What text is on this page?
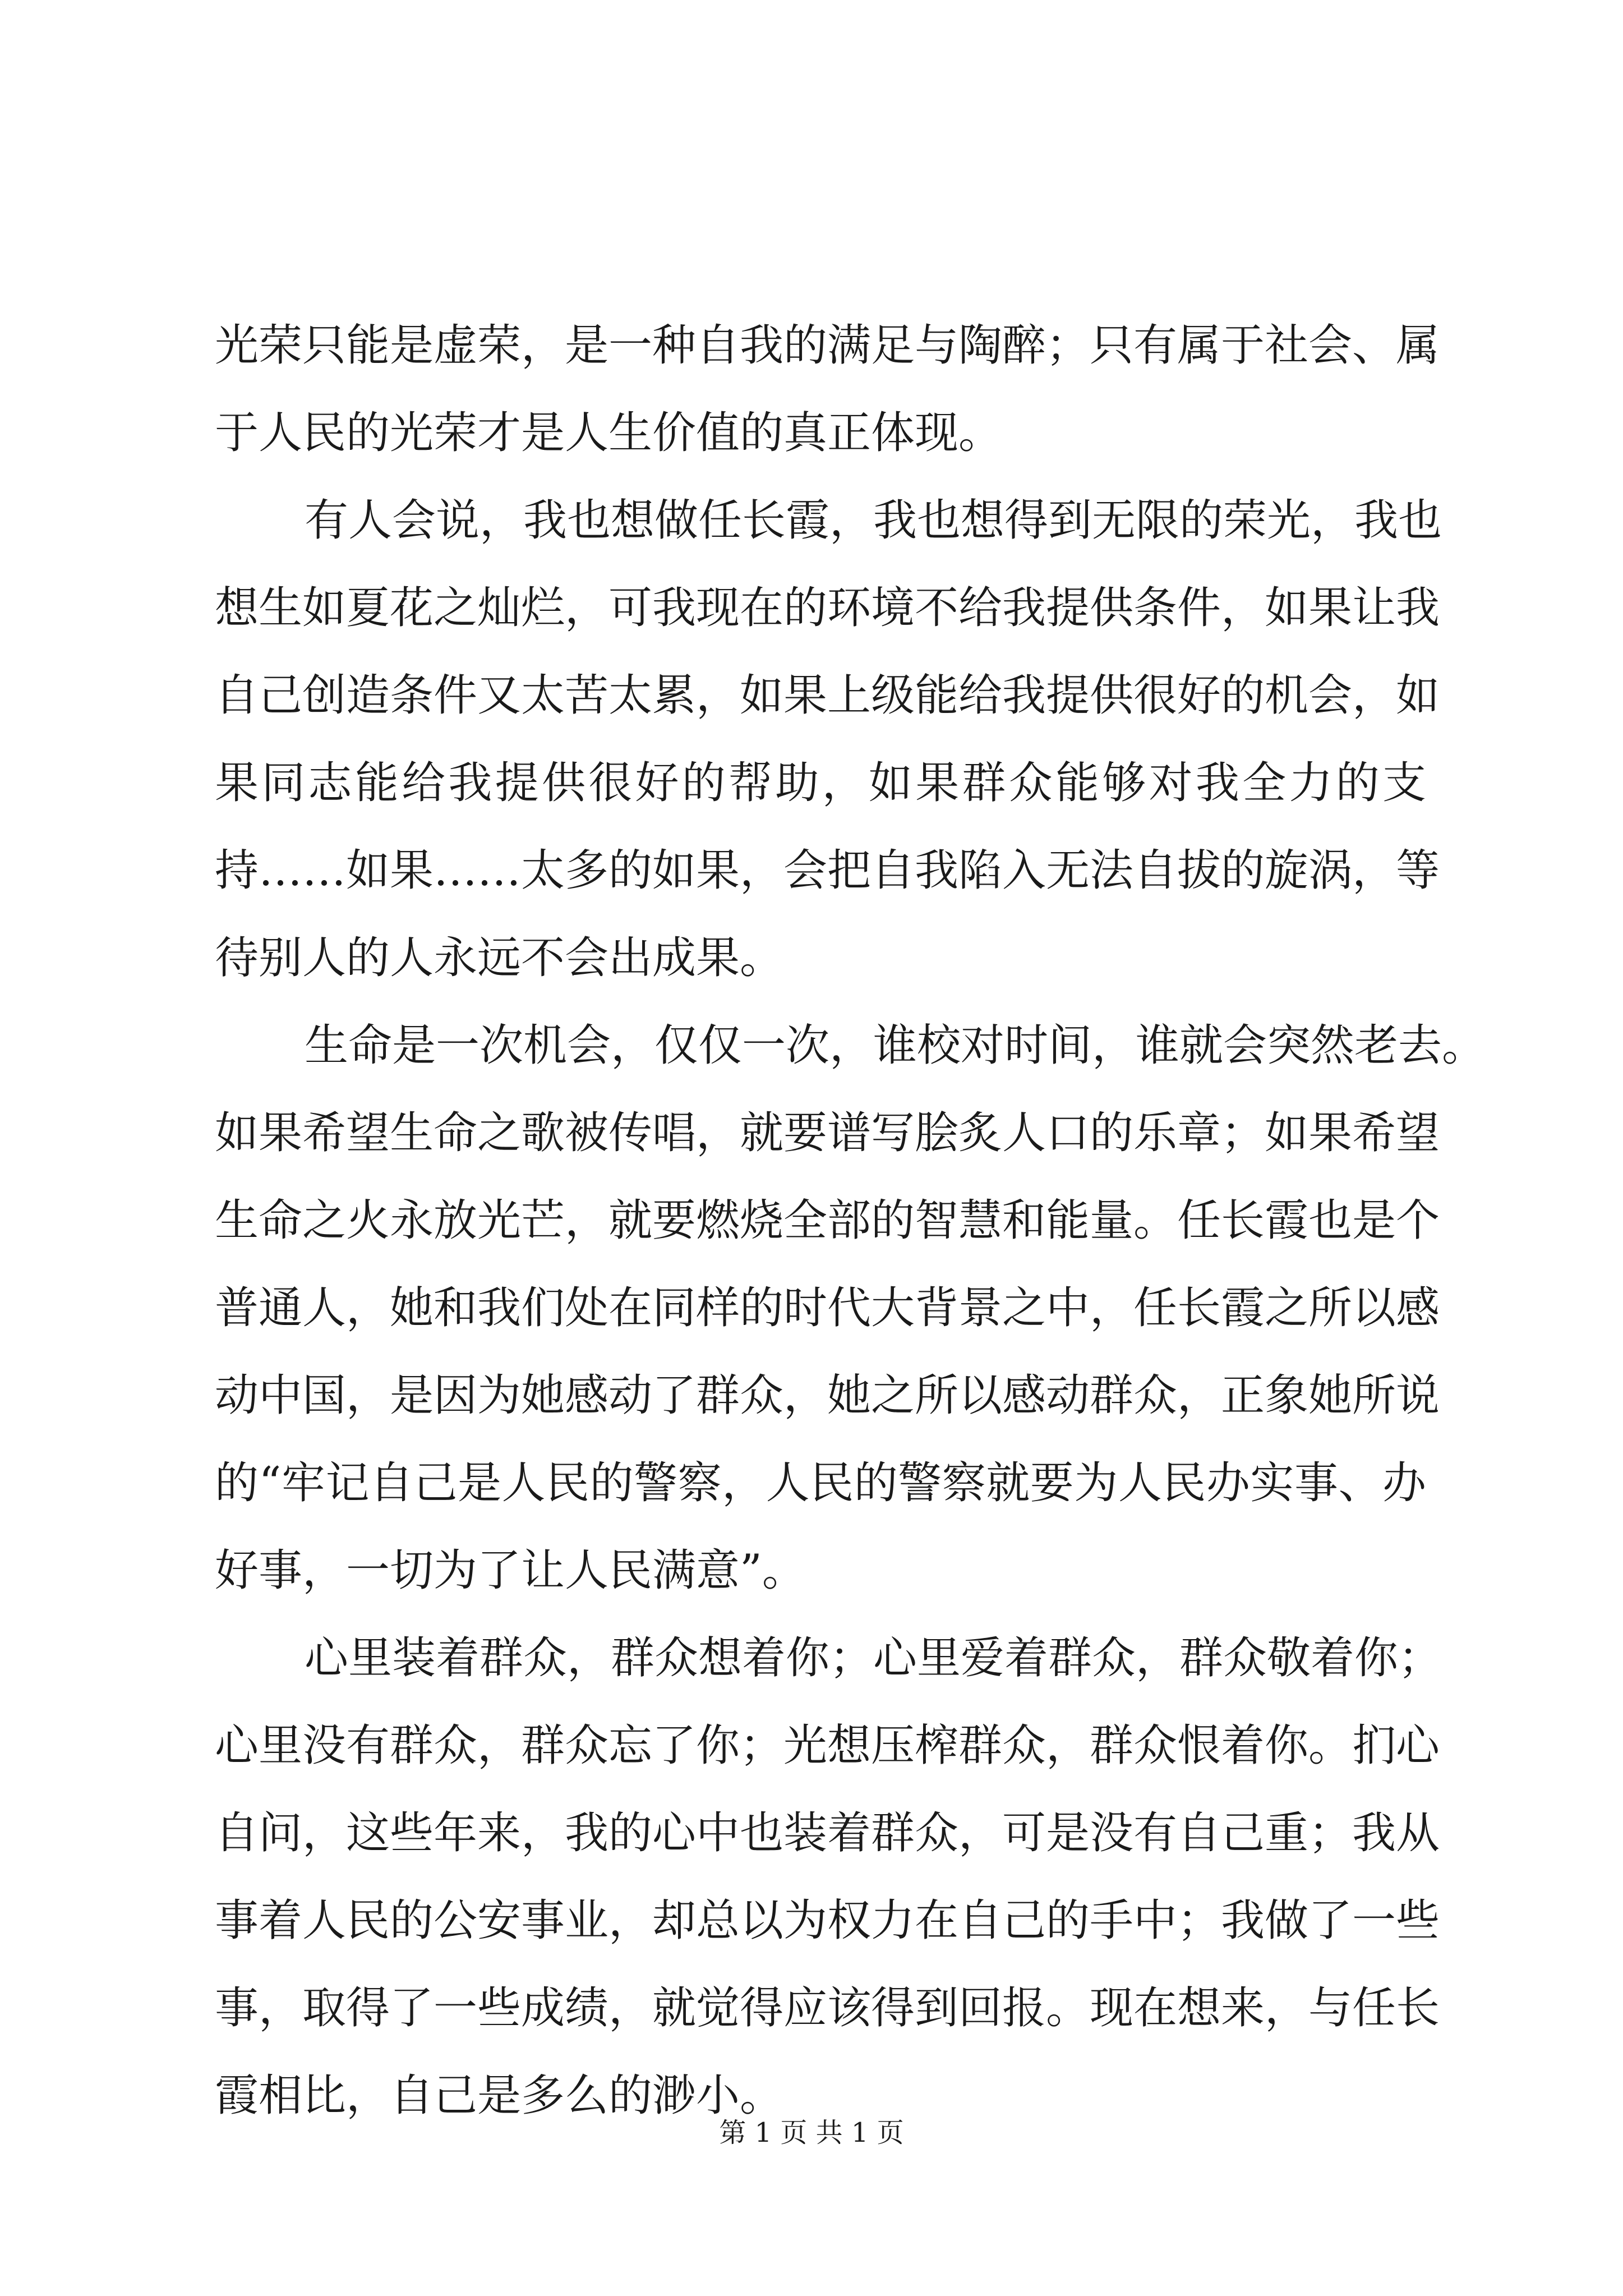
光荣只能是虚荣，是一种自我的满足与陶醉；只有属于社会、属
于人民的光荣才是人生价值的真正体现。
有人会说，我也想做任长霞，我也想得到无限的荣光，我也
想生如夏花之灿烂，可我现在的环境不给我提供条件，如果让我
自己创造条件又太苦太累，如果上级能给我提供很好的机会，如
果同志能给我提供很好的帮助，如果群众能够对我全力的支
持……如果……太多的如果，会把自我陷入无法自拔的旋涡，等
待别人的人永远不会出成果。
生命是一次机会，仅仅一次，谁校对时间，谁就会突然老去。
如果希望生命之歌被传唱，就要谱写脍炙人口的乐章；如果希望
生命之火永放光芒，就要燃烧全部的智慧和能量。任长霞也是个
普通人，她和我们处在同样的时代大背景之中，任长霞之所以感
动中国，是因为她感动了群众，她之所以感动群众，正象她所说
的“牢记自己是人民的警察，人民的警察就要为人民办实事、办
好事，一切为了让人民满意”。
心里装着群众，群众想着你；心里爱着群众，群众敬着你；
心里没有群众，群众忘了你；光想压榨群众，群众恨着你。扪心
自问，这些年来，我的心中也装着群众，可是没有自己重；我从
事着人民的公安事业，却总以为权力在自己的手中；我做了一些
事，取得了一些成绩，就觉得应该得到回报。现在想来，与任长
霞相比，自己是多么的渺小。
第 1 页 共 1 页
